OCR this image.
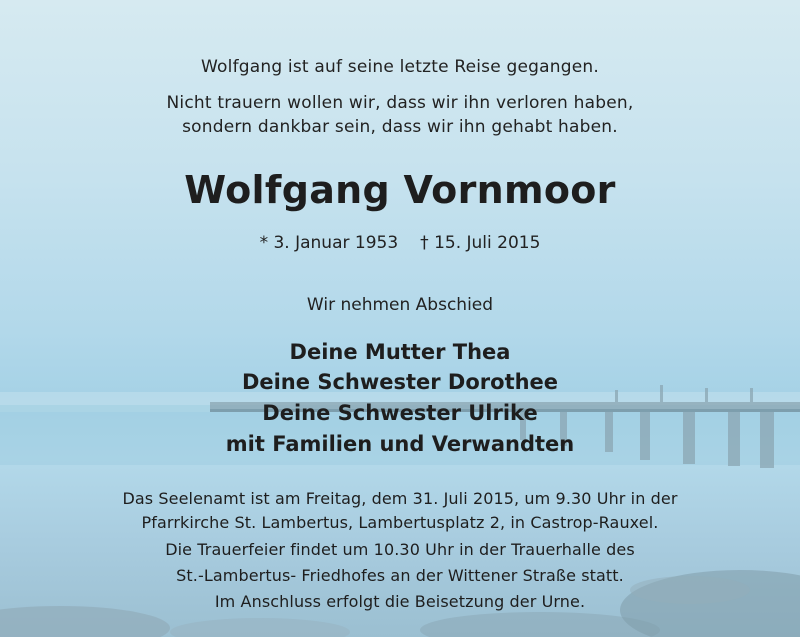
Wolfgang ist auf seine letzte Reise gegangen.
Nicht trauern wollen wir, dass wir ihn verloren haben,
sondern dankbar sein, dass wir ihn gehabt haben.
Wolfgang Vornmoor
* 3. Januar 1953 † 15. Juli 2015
Wir nehmen Abschied
Deine Mutter Thea
Deine Schwester Dorothee
Deine Schwester Ulrike
mit Familien und Verwandten
Das Seelenamt ist am Freitag, dem 31. Juli 2015, um 9.30 Uhr in der
Pfarrkirche St. Lambertus, Lambertusplatz 2, in Castrop-Rauxel.
Die Trauerfeier findet um 10.30 Uhr in der Trauerhalle des
St.-Lambertus- Friedhofes an der Wittener Straße statt.
Im Anschluss erfolgt die Beisetzung der Urne.
